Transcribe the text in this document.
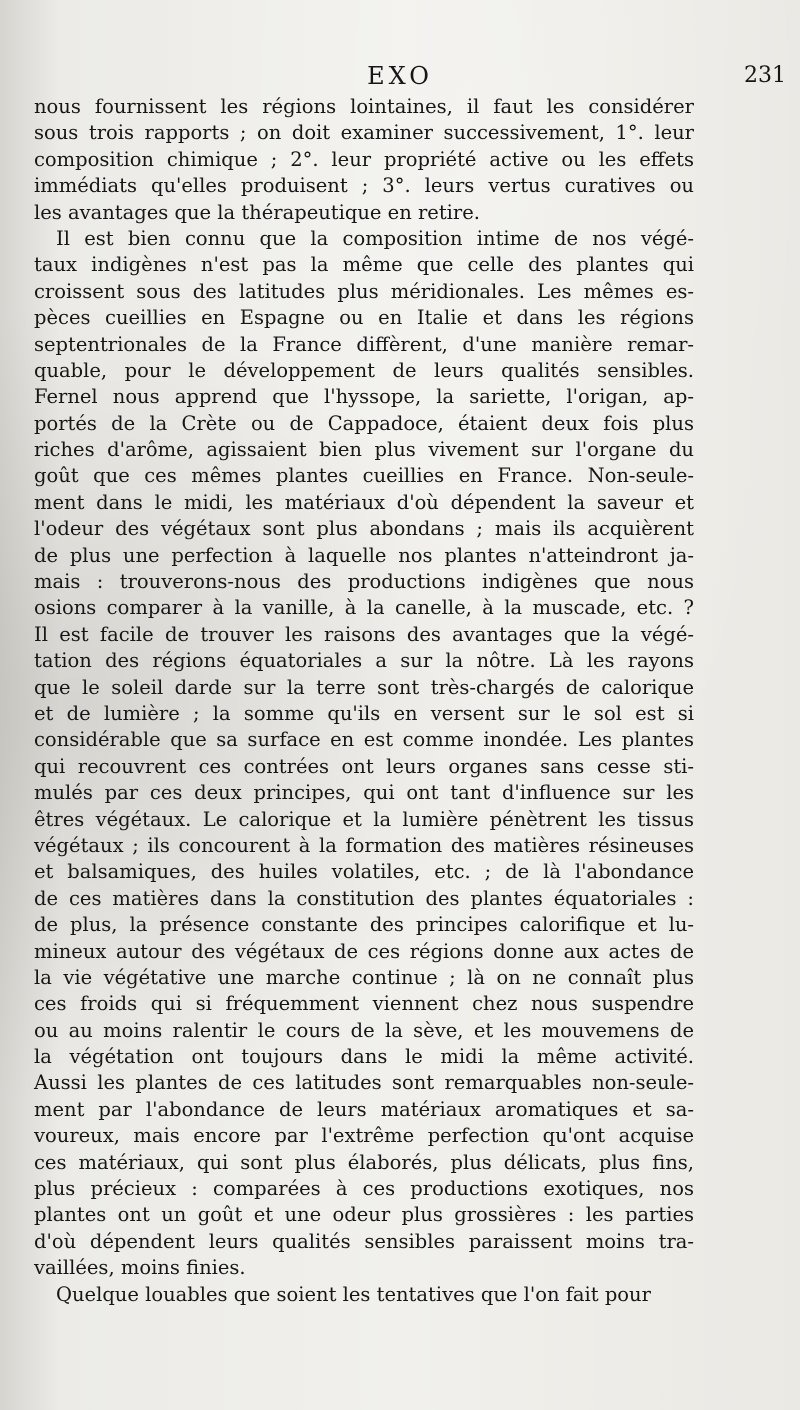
EXO	231
nous fournissent les régions lointaines, il faut les considérer
sous trois rapports ; on doit examiner successivement, 1°. leur
composition chimique ; 2°. leur propriété active ou les effets
immédiats qu'elles produisent ; 3°. leurs vertus curatives ou
les avantages que la thérapeutique en retire.
Il est bien connu que la composition intime de nos végé-
taux indigènes n'est pas la même que celle des plantes qui
croissent sous des latitudes plus méridionales. Les mêmes es-
pèces cueillies en Espagne ou en Italie et dans les régions
septentrionales de la France diffèrent, d'une manière remar-
quable, pour le développement de leurs qualités sensibles.
Fernel nous apprend que l'hyssope, la sariette, l'origan, ap-
portés de la Crète ou de Cappadoce, étaient deux fois plus
riches d'arôme, agissaient bien plus vivement sur l'organe du
goût que ces mêmes plantes cueillies en France. Non-seule-
ment dans le midi, les matériaux d'où dépendent la saveur et
l'odeur des végétaux sont plus abondans ; mais ils acquièrent
de plus une perfection à laquelle nos plantes n'atteindront ja-
mais : trouverons-nous des productions indigènes que nous
osions comparer à la vanille, à la canelle, à la muscade, etc. ?
Il est facile de trouver les raisons des avantages que la végé-
tation des régions équatoriales a sur la nôtre. Là les rayons
que le soleil darde sur la terre sont très-chargés de calorique
et de lumière ; la somme qu'ils en versent sur le sol est si
considérable que sa surface en est comme inondée. Les plantes
qui recouvrent ces contrées ont leurs organes sans cesse sti-
mulés par ces deux principes, qui ont tant d'influence sur les
êtres végétaux. Le calorique et la lumière pénètrent les tissus
végétaux ; ils concourent à la formation des matières résineuses
et balsamiques, des huiles volatiles, etc. ; de là l'abondance
de ces matières dans la constitution des plantes équatoriales :
de plus, la présence constante des principes calorifique et lu-
mineux autour des végétaux de ces régions donne aux actes de
la vie végétative une marche continue ; là on ne connaît plus
ces froids qui si fréquemment viennent chez nous suspendre
ou au moins ralentir le cours de la sève, et les mouvemens de
la végétation ont toujours dans le midi la même activité.
Aussi les plantes de ces latitudes sont remarquables non-seule-
ment par l'abondance de leurs matériaux aromatiques et sa-
voureux, mais encore par l'extrême perfection qu'ont acquise
ces matériaux, qui sont plus élaborés, plus délicats, plus fins,
plus précieux : comparées à ces productions exotiques, nos
plantes ont un goût et une odeur plus grossières : les parties
d'où dépendent leurs qualités sensibles paraissent moins tra-
vaillées, moins finies.
Quelque louables que soient les tentatives que l'on fait pour
